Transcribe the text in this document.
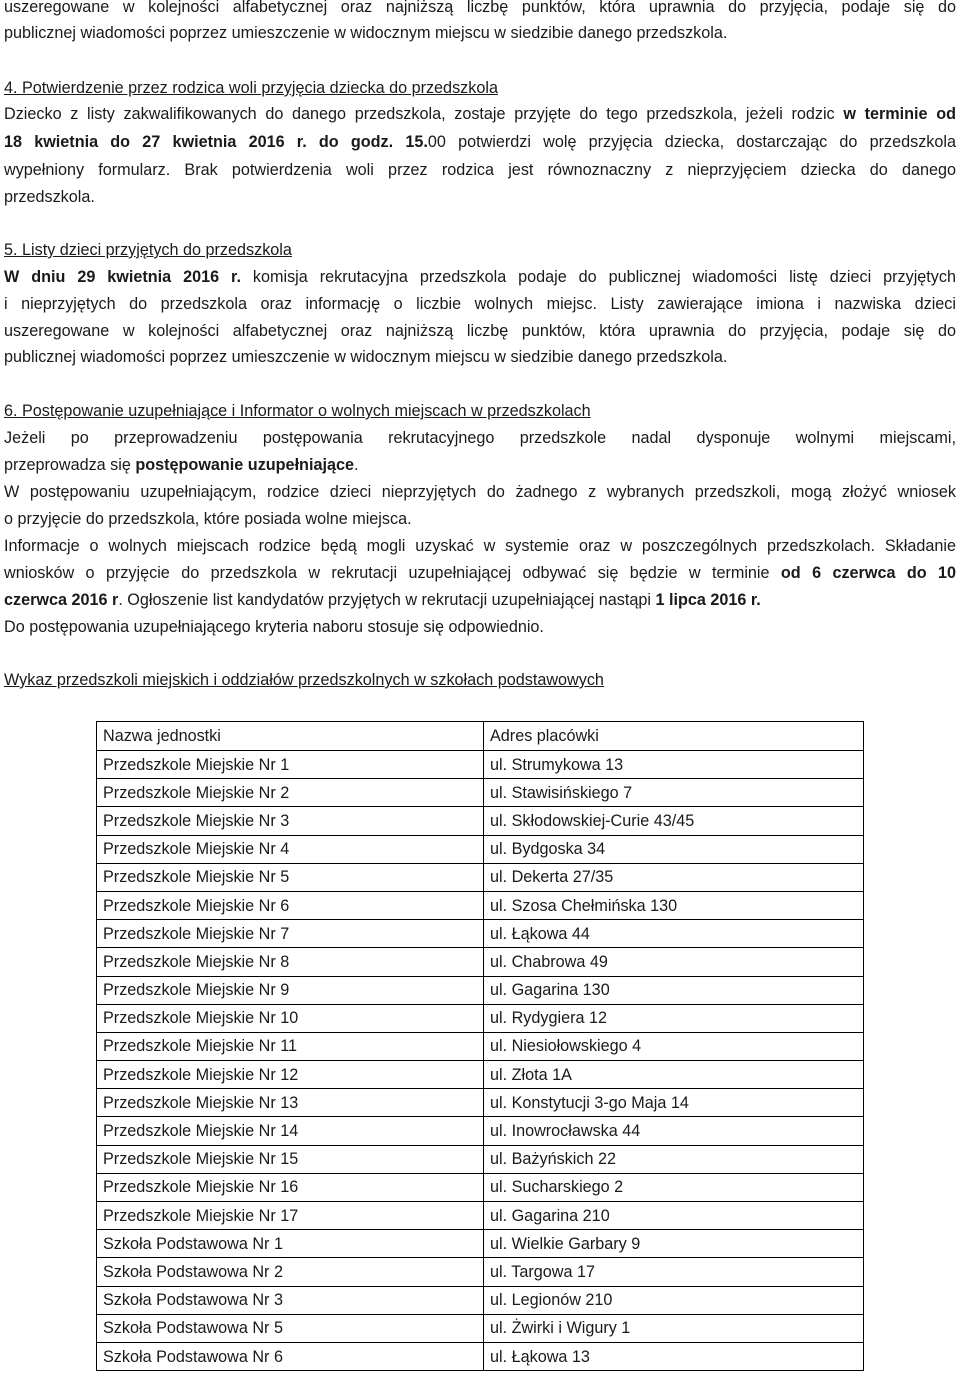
uszeregowane w kolejności alfabetycznej oraz najniższą liczbę punktów, która uprawnia do przyjęcia, podaje się do
publicznej wiadomości poprzez umieszczenie w widocznym miejscu w siedzibie danego przedszkola.
4. Potwierdzenie przez rodzica woli przyjęcia dziecka do przedszkola
Dziecko z listy zakwalifikowanych do danego przedszkola, zostaje przyjęte do tego przedszkola, jeżeli rodzic w terminie od
18 kwietnia do 27 kwietnia 2016 r. do godz. 15.00 potwierdzi wolę przyjęcia dziecka, dostarczając do przedszkola
wypełniony formularz. Brak potwierdzenia woli przez rodzica jest równoznaczny z nieprzyjęciem dziecka do danego
przedszkola.
5. Listy dzieci przyjętych do przedszkola
W dniu 29 kwietnia 2016 r. komisja rekrutacyjna przedszkola podaje do publicznej wiadomości listę dzieci przyjętych
i nieprzyjętych do przedszkola oraz informację o liczbie wolnych miejsc. Listy zawierające imiona i nazwiska dzieci
uszeregowane w kolejności alfabetycznej oraz najniższą liczbę punktów, która uprawnia do przyjęcia, podaje się do
publicznej wiadomości poprzez umieszczenie w widocznym miejscu w siedzibie danego przedszkola.
6. Postępowanie uzupełniające i Informator o wolnych miejscach w przedszkolach
Jeżeli po przeprowadzeniu postępowania rekrutacyjnego przedszkole nadal dysponuje wolnymi miejscami,
przeprowadza się postępowanie uzupełniające.
W postępowaniu uzupełniającym, rodzice dzieci nieprzyjętych do żadnego z wybranych przedszkoli, mogą złożyć wniosek
o przyjęcie do przedszkola, które posiada wolne miejsca.
Informacje o wolnych miejscach rodzice będą mogli uzyskać w systemie oraz w poszczególnych przedszkolach. Składanie
wniosków o przyjęcie do przedszkola w rekrutacji uzupełniającej odbywać się będzie w terminie od 6 czerwca do 10
czerwca 2016 r. Ogłoszenie list kandydatów przyjętych w rekrutacji uzupełniającej nastąpi 1 lipca 2016 r.
Do postępowania uzupełniającego kryteria naboru stosuje się odpowiednio.
Wykaz przedszkoli miejskich i oddziałów przedszkolnych w szkołach podstawowych
Nazwa jednostki	Adres placówki
Przedszkole Miejskie Nr 1	ul. Strumykowa 13
Przedszkole Miejskie Nr 2	ul. Stawisińskiego 7
Przedszkole Miejskie Nr 3	ul. Skłodowskiej-Curie 43/45
Przedszkole Miejskie Nr 4	ul. Bydgoska 34
Przedszkole Miejskie Nr 5	ul. Dekerta 27/35
Przedszkole Miejskie Nr 6	ul. Szosa Chełmińska 130
Przedszkole Miejskie Nr 7	ul. Łąkowa 44
Przedszkole Miejskie Nr 8	ul. Chabrowa 49
Przedszkole Miejskie Nr 9	ul. Gagarina 130
Przedszkole Miejskie Nr 10	ul. Rydygiera 12
Przedszkole Miejskie Nr 11	ul. Niesiołowskiego 4
Przedszkole Miejskie Nr 12	ul. Złota 1A
Przedszkole Miejskie Nr 13	ul. Konstytucji 3-go Maja 14
Przedszkole Miejskie Nr 14	ul. Inowrocławska 44
Przedszkole Miejskie Nr 15	ul. Bażyńskich 22
Przedszkole Miejskie Nr 16	ul. Sucharskiego 2
Przedszkole Miejskie Nr 17	ul. Gagarina 210
Szkoła Podstawowa Nr 1	ul. Wielkie Garbary 9
Szkoła Podstawowa Nr 2	ul. Targowa 17
Szkoła Podstawowa Nr 3	ul. Legionów 210
Szkoła Podstawowa Nr 5	ul. Żwirki i Wigury 1
Szkoła Podstawowa Nr 6	ul. Łąkowa 13
